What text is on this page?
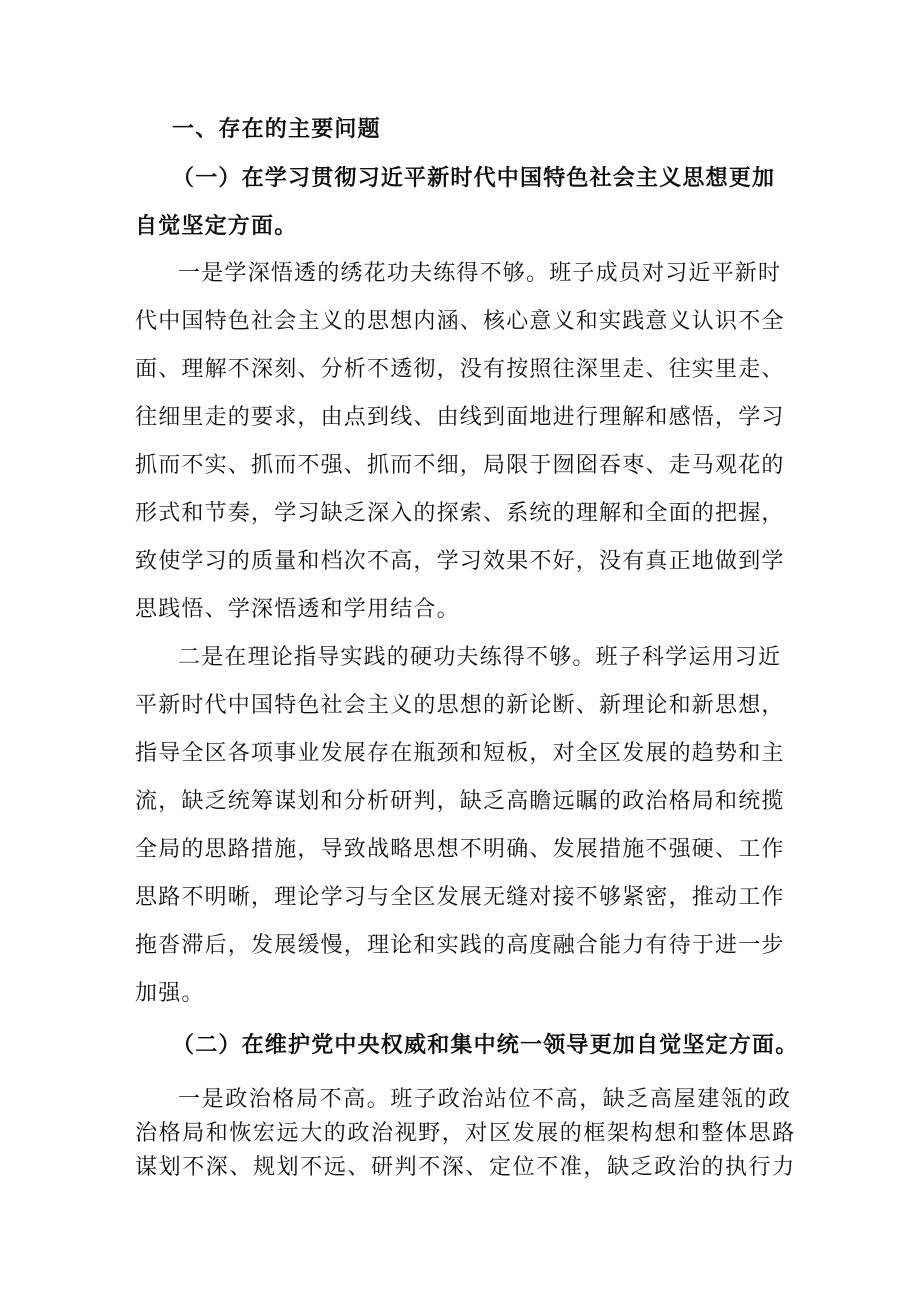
一、存在的主要问题
（一）在学习贯彻习近平新时代中国特色社会主义思想更加
自觉坚定方面。
一是学深悟透的绣花功夫练得不够。班子成员对习近平新时
代中国特色社会主义的思想内涵、核心意义和实践意义认识不全
面、理解不深刻、分析不透彻，没有按照往深里走、往实里走、
往细里走的要求，由点到线、由线到面地进行理解和感悟，学习
抓而不实、抓而不强、抓而不细，局限于囫囵吞枣、走马观花的
形式和节奏，学习缺乏深入的探索、系统的理解和全面的把握，
致使学习的质量和档次不高，学习效果不好，没有真正地做到学
思践悟、学深悟透和学用结合。
二是在理论指导实践的硬功夫练得不够。班子科学运用习近
平新时代中国特色社会主义的思想的新论断、新理论和新思想，
指导全区各项事业发展存在瓶颈和短板，对全区发展的趋势和主
流，缺乏统筹谋划和分析研判，缺乏高瞻远瞩的政治格局和统揽
全局的思路措施，导致战略思想不明确、发展措施不强硬、工作
思路不明晰，理论学习与全区发展无缝对接不够紧密，推动工作
拖沓滞后，发展缓慢，理论和实践的高度融合能力有待于进一步
加强。
（二）在维护党中央权威和集中统一领导更加自觉坚定方面。
一是政治格局不高。班子政治站位不高，缺乏高屋建瓴的政
治格局和恢宏远大的政治视野，对区发展的框架构想和整体思路
谋划不深、规划不远、研判不深、定位不准，缺乏政治的执行力
